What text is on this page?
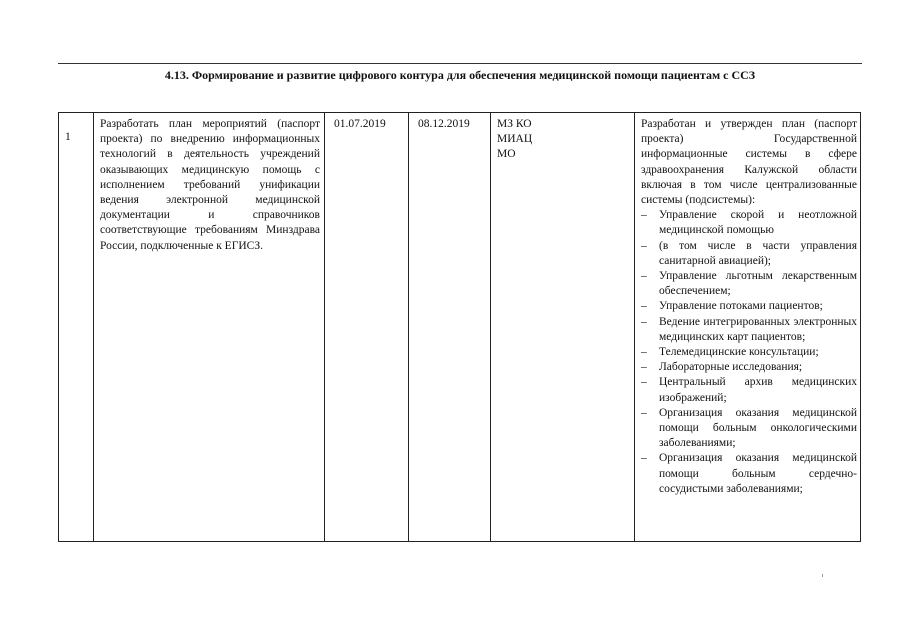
4.13. Формирование и развитие цифрового контура для обеспечения медицинской помощи пациентам с ССЗ
1
Разработать план мероприятий (паспорт проекта) по внедрению информационных технологий в деятельность учреждений оказывающих медицинскую помощь с исполнением требований унификации ведения электронной медицинской документации и справочников соответствующие требованиям Минздрава России, подключенные к ЕГИСЗ.
01.07.2019	08.12.2019	МЗ КО
МИАЦ
МО

Разработан и утвержден план (паспорт проекта) Государственной информационные системы в сфере здравоохранения Калужской области включая в том числе централизованные системы (подсистемы):

– Управление скорой и неотложной медицинской помощью
– (в том числе в части управления санитарной авиацией);
– Управление льготным лекарственным обеспечением;
– Управление потоками пациентов;
– Ведение интегрированных электронных медицинских карт пациентов;
– Телемедицинские консультации;
– Лабораторные исследования;
– Центральный архив медицинских изображений;
– Организация оказания медицинской помощи больным онкологическими заболеваниями;
– Организация оказания медицинской помощи больным сердечно-сосудистыми заболеваниями;
